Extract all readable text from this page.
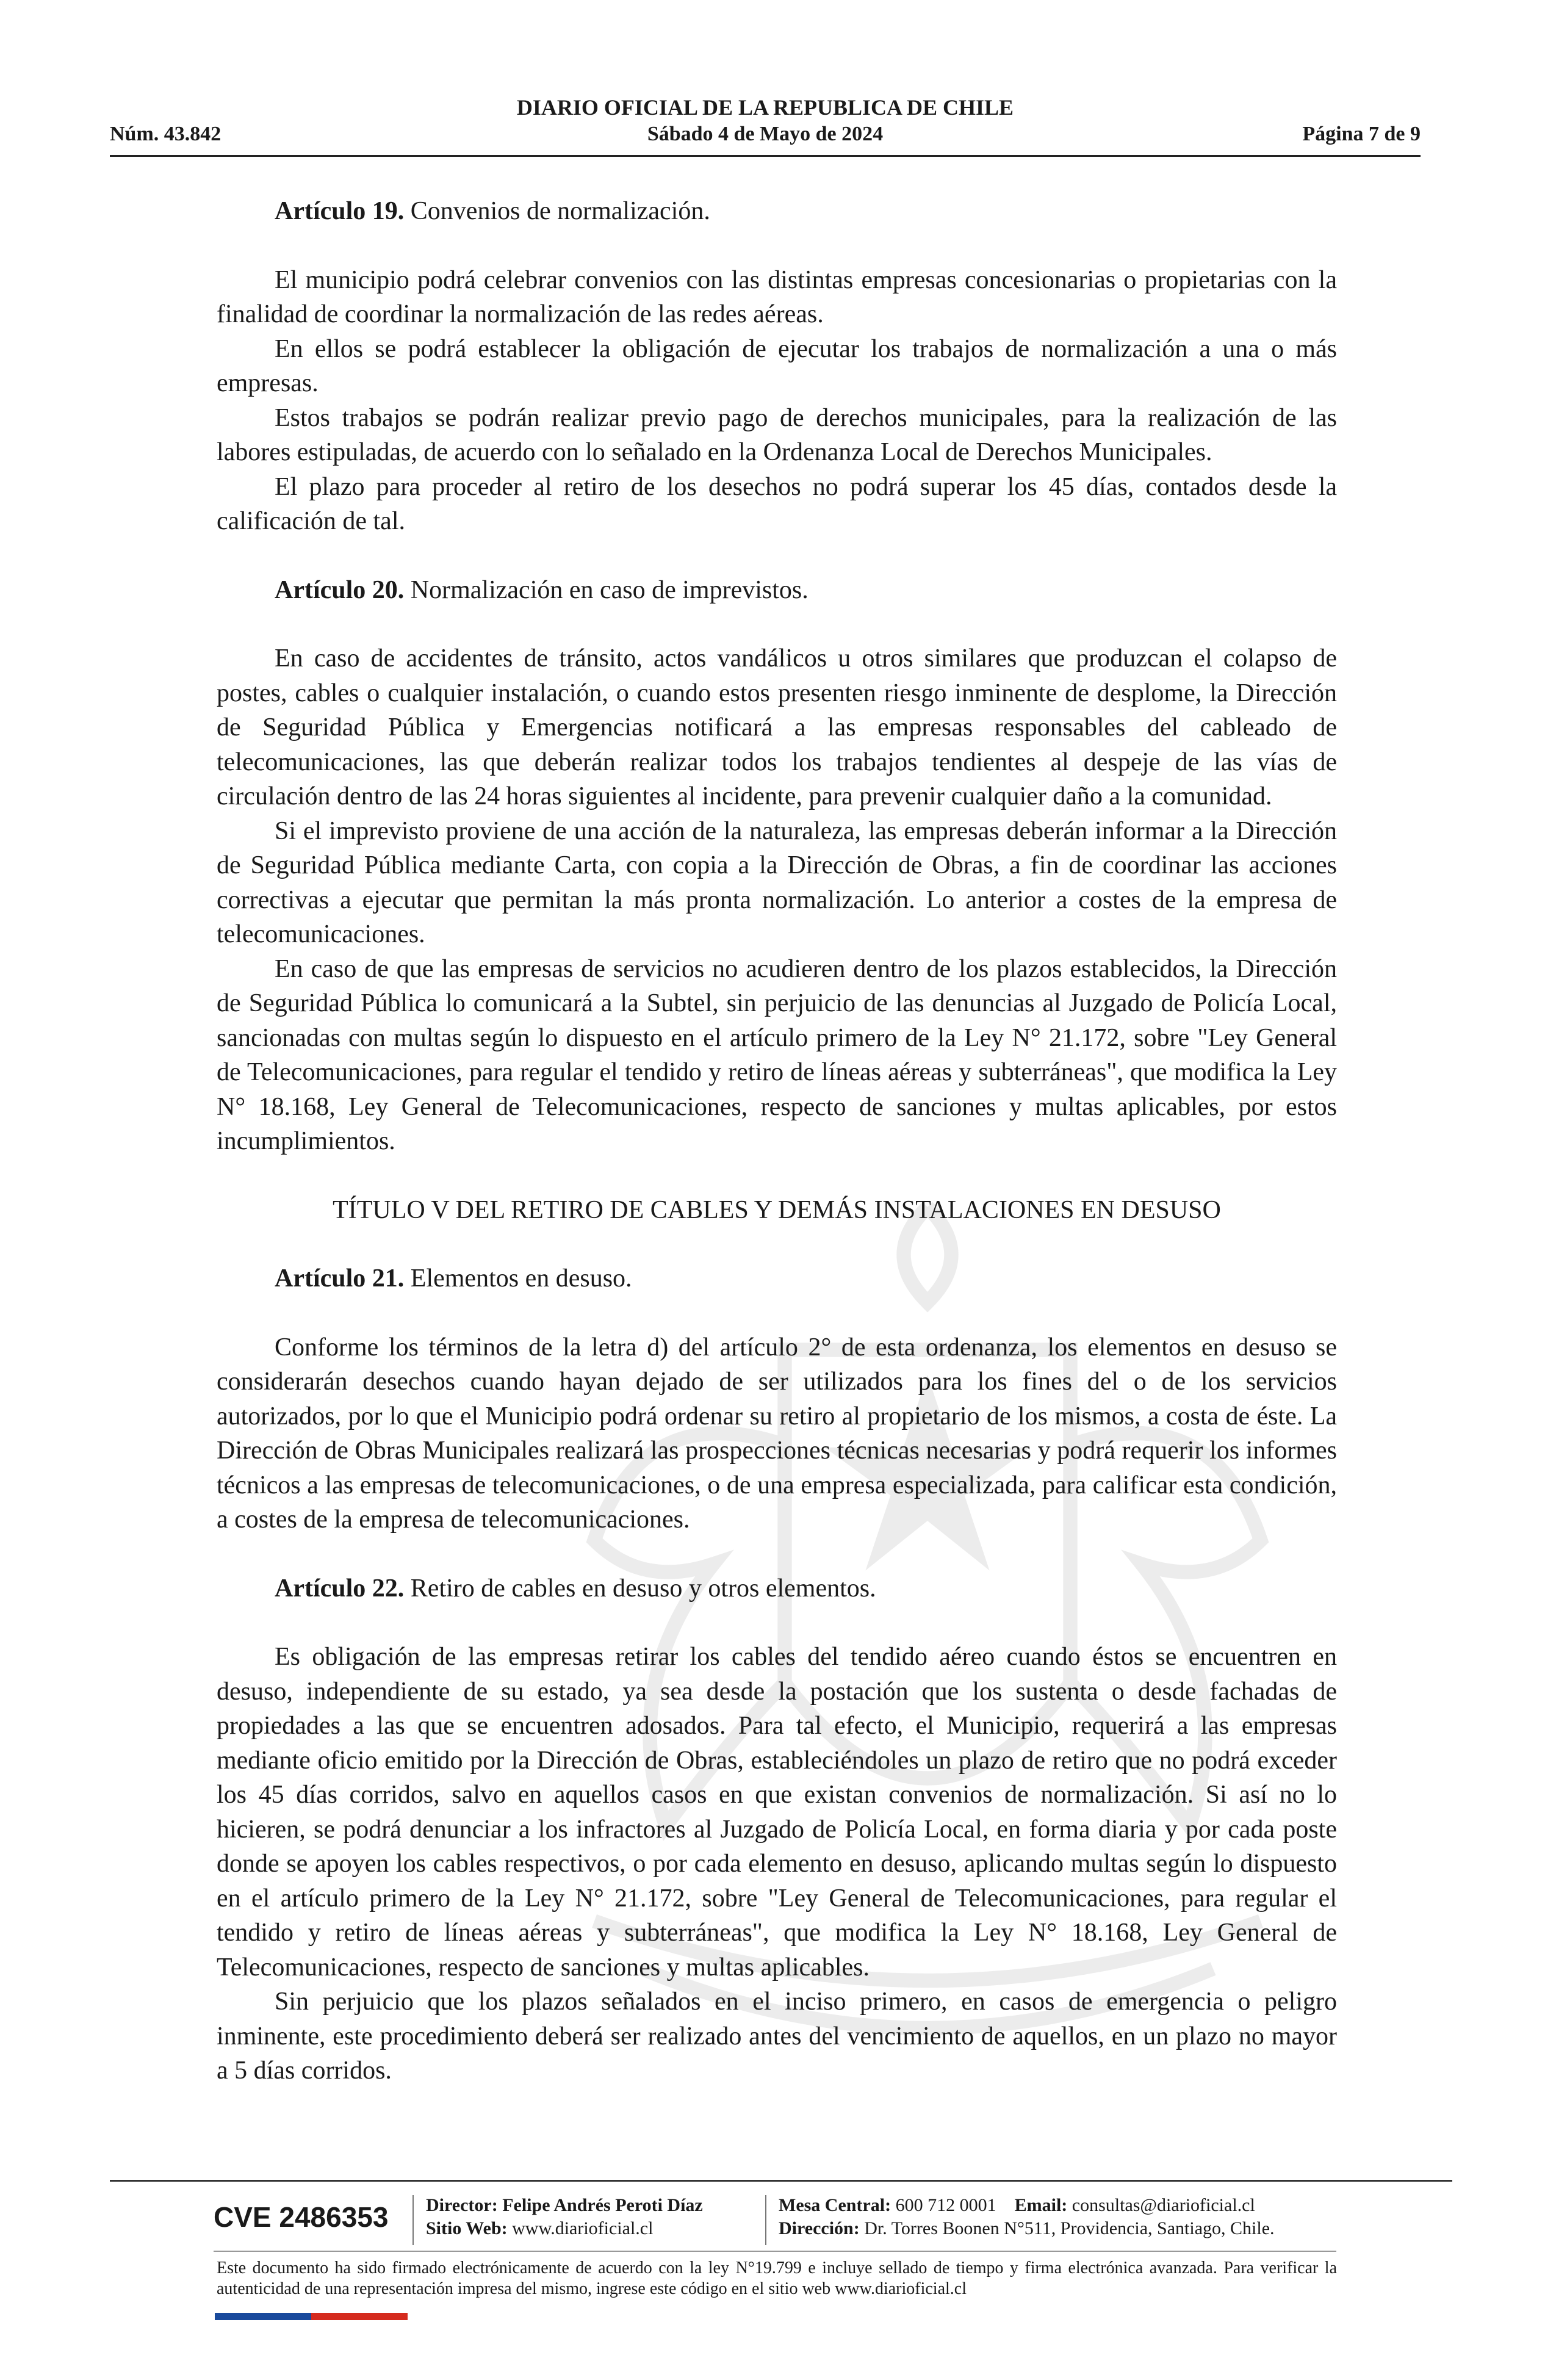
DIARIO OFICIAL DE LA REPUBLICA DE CHILE
Núm. 43.842	Sábado 4 de Mayo de 2024	Página 7 de 9

Artículo 19. Convenios de normalización.

El municipio podrá celebrar convenios con las distintas empresas concesionarias o propietarias con la finalidad de coordinar la normalización de las redes aéreas.

En ellos se podrá establecer la obligación de ejecutar los trabajos de normalización a una o más empresas.

Estos trabajos se podrán realizar previo pago de derechos municipales, para la realización de las labores estipuladas, de acuerdo con lo señalado en la Ordenanza Local de Derechos Municipales.

El plazo para proceder al retiro de los desechos no podrá superar los 45 días, contados desde la calificación de tal.

Artículo 20. Normalización en caso de imprevistos.

En caso de accidentes de tránsito, actos vandálicos u otros similares que produzcan el colapso de postes, cables o cualquier instalación, o cuando estos presenten riesgo inminente de desplome, la Dirección de Seguridad Pública y Emergencias notificará a las empresas responsables del cableado de telecomunicaciones, las que deberán realizar todos los trabajos tendientes al despeje de las vías de circulación dentro de las 24 horas siguientes al incidente, para prevenir cualquier daño a la comunidad.

Si el imprevisto proviene de una acción de la naturaleza, las empresas deberán informar a la Dirección de Seguridad Pública mediante Carta, con copia a la Dirección de Obras, a fin de coordinar las acciones correctivas a ejecutar que permitan la más pronta normalización. Lo anterior a costes de la empresa de telecomunicaciones.

En caso de que las empresas de servicios no acudieren dentro de los plazos establecidos, la Dirección de Seguridad Pública lo comunicará a la Subtel, sin perjuicio de las denuncias al Juzgado de Policía Local, sancionadas con multas según lo dispuesto en el artículo primero de la Ley N° 21.172, sobre "Ley General de Telecomunicaciones, para regular el tendido y retiro de líneas aéreas y subterráneas", que modifica la Ley N° 18.168, Ley General de Telecomunicaciones, respecto de sanciones y multas aplicables, por estos incumplimientos.

TÍTULO V DEL RETIRO DE CABLES Y DEMÁS INSTALACIONES EN DESUSO

Artículo 21. Elementos en desuso.

Conforme los términos de la letra d) del artículo 2° de esta ordenanza, los elementos en desuso se considerarán desechos cuando hayan dejado de ser utilizados para los fines del o de los servicios autorizados, por lo que el Municipio podrá ordenar su retiro al propietario de los mismos, a costa de éste. La Dirección de Obras Municipales realizará las prospecciones técnicas necesarias y podrá requerir los informes técnicos a las empresas de telecomunicaciones, o de una empresa especializada, para calificar esta condición, a costes de la empresa de telecomunicaciones.

Artículo 22. Retiro de cables en desuso y otros elementos.

Es obligación de las empresas retirar los cables del tendido aéreo cuando éstos se encuentren en desuso, independiente de su estado, ya sea desde la postación que los sustenta o desde fachadas de propiedades a las que se encuentren adosados. Para tal efecto, el Municipio, requerirá a las empresas mediante oficio emitido por la Dirección de Obras, estableciéndoles un plazo de retiro que no podrá exceder los 45 días corridos, salvo en aquellos casos en que existan convenios de normalización. Si así no lo hicieren, se podrá denunciar a los infractores al Juzgado de Policía Local, en forma diaria y por cada poste donde se apoyen los cables respectivos, o por cada elemento en desuso, aplicando multas según lo dispuesto en el artículo primero de la Ley N° 21.172, sobre "Ley General de Telecomunicaciones, para regular el tendido y retiro de líneas aéreas y subterráneas", que modifica la Ley N° 18.168, Ley General de Telecomunicaciones, respecto de sanciones y multas aplicables.

Sin perjuicio que los plazos señalados en el inciso primero, en casos de emergencia o peligro inminente, este procedimiento deberá ser realizado antes del vencimiento de aquellos, en un plazo no mayor a 5 días corridos.

CVE 2486353 Director: Felipe Andrés Peroti Díaz
Sitio Web: www.diarioficial.cl
Mesa Central: 600 712 0001 Email: consultas@diarioficial.cl
Dirección: Dr. Torres Boonen N°511, Providencia, Santiago, Chile.
Este documento ha sido firmado electrónicamente de acuerdo con la ley N°19.799 e incluye sellado de tiempo y firma electrónica avanzada. Para verificar la autenticidad de una representación impresa del mismo, ingrese este código en el sitio web www.diarioficial.cl
